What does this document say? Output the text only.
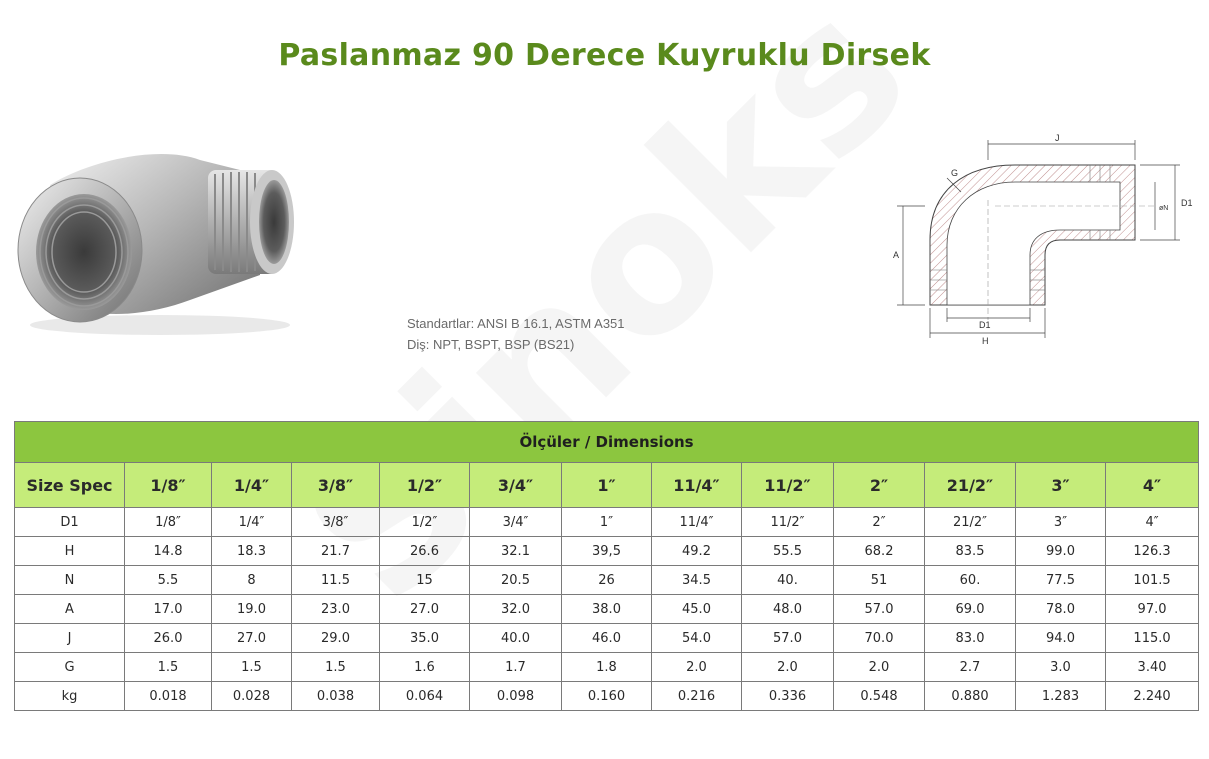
Paslanmaz 90 Derece Kuyruklu Dirsek
Standartlar: ANSI B 16.1, ASTM A351
Diş: NPT, BSPT, BSP (BS21)
J
G
D1
øN
A
D1
H
Ölçüler / Dimensions												
Size Spec	1/8″	1/4″	3/8″	1/2″	3/4″	1″	11/4″	11/2″	2″	21/2″	3″	4″
D1	1/8″	1/4″	3/8″	1/2″	3/4″	1″	11/4″	11/2″	2″	21/2″	3″	4″
H	14.8	18.3	21.7	26.6	32.1	39,5	49.2	55.5	68.2	83.5	99.0	126.3
N	5.5	8	11.5	15	20.5	26	34.5	40.	51	60.	77.5	101.5
A	17.0	19.0	23.0	27.0	32.0	38.0	45.0	48.0	57.0	69.0	78.0	97.0
J	26.0	27.0	29.0	35.0	40.0	46.0	54.0	57.0	70.0	83.0	94.0	115.0
G	1.5	1.5	1.5	1.6	1.7	1.8	2.0	2.0	2.0	2.7	3.0	3.40
kg	0.018	0.028	0.038	0.064	0.098	0.160	0.216	0.336	0.548	0.880	1.283	2.240
